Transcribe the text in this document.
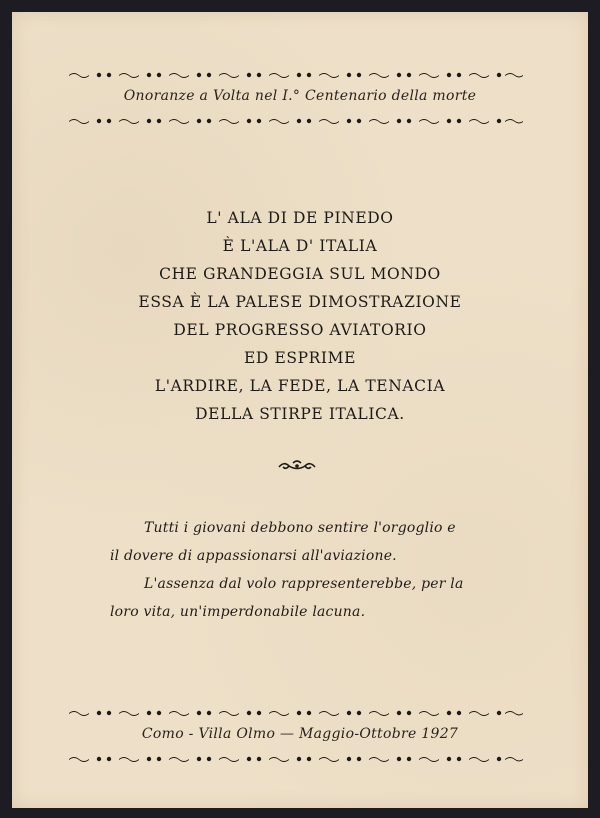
Onoranze a Volta nel I.° Centenario della morte
L' ALA DI DE PINEDO
È L'ALA D' ITALIA
CHE GRANDEGGIA SUL MONDO
ESSA È LA PALESE DIMOSTRAZIONE
DEL PROGRESSO AVIATORIO
ED ESPRIME
L'ARDIRE, LA FEDE, LA TENACIA
DELLA STIRPE ITALICA.
Tutti i giovani debbono sentire l'orgoglio e
il dovere di appassionarsi all'aviazione.
L'assenza dal volo rappresenterebbe, per la
loro vita, un'imperdonabile lacuna.
Como - Villa Olmo — Maggio-Ottobre 1927
